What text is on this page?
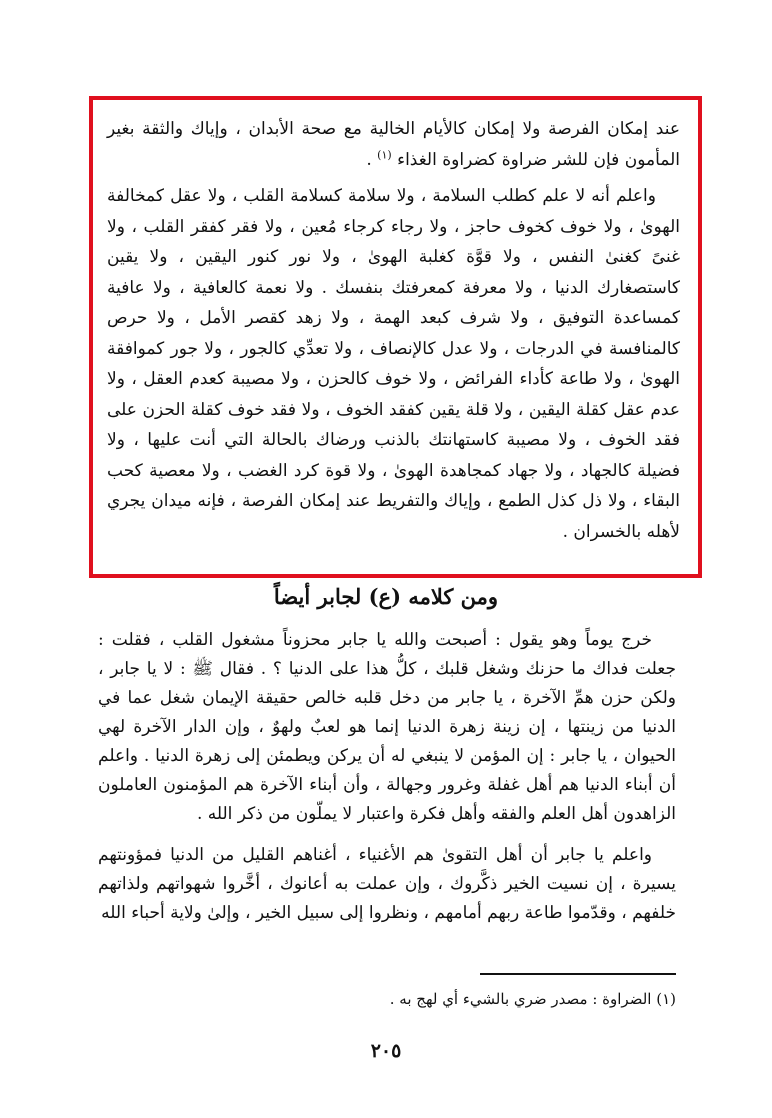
عند إمكان الفرصة ولا إمكان كالأيام الخالية مع صحة الأبدان ، وإياك والثقة بغير المأمون فإن للشر ضراوة كضراوة الغذاء $^{(١)}$ .

واعلم أنه لا علم كطلب السلامة ، ولا سلامة كسلامة القلب ، ولا عقل كمخالفة الهوىٰ ، ولا خوف كخوف حاجز ، ولا رجاء كرجاء مُعين ، ولا فقر كفقر القلب ، ولا غنىً كغنىٰ النفس ، ولا قوَّة كغلبة الهوىٰ ، ولا نور كنور اليقين ، ولا يقين كاستصغارك الدنيا ، ولا معرفة كمعرفتك بنفسك . ولا نعمة كالعافية ، ولا عافية كمساعدة التوفيق ، ولا شرف كبعد الهمة ، ولا زهد كقصر الأمل ، ولا حرص كالمنافسة في الدرجات ، ولا عدل كالإنصاف ، ولا تعدِّي كالجور ، ولا جور كموافقة الهوىٰ ، ولا طاعة كأداء الفرائض ، ولا خوف كالحزن ، ولا مصيبة كعدم العقل ، ولا عدم عقل كقلة اليقين ، ولا قلة يقين كفقد الخوف ، ولا فقد خوف كقلة الحزن على فقد الخوف ، ولا مصيبة كاستهانتك بالذنب ورضاك بالحالة التي أنت عليها ، ولا فضيلة كالجهاد ، ولا جهاد كمجاهدة الهوىٰ ، ولا قوة كرد الغضب ، ولا معصية كحب البقاء ، ولا ذل كذل الطمع ، وإياك والتفريط عند إمكان الفرصة ، فإنه ميدان يجري لأهله بالخسران .

ومن كلامه (ع) لجابر أيضاً

خرج يوماً وهو يقول : أصبحت والله يا جابر محزوناً مشغول القلب ، فقلت : جعلت فداك ما حزنك وشغل قلبك ، كلُّ هذا على الدنيا ؟ . فقال ﷺ : لا يا جابر ، ولكن حزن همِّ الآخرة ، يا جابر من دخل قلبه خالص حقيقة الإيمان شغل عما في الدنيا من زينتها ، إن زينة زهرة الدنيا إنما هو لعبٌ ولهوٌ ، وإن الدار الآخرة لهي الحيوان ، يا جابر : إن المؤمن لا ينبغي له أن يركن ويطمئن إلى زهرة الدنيا . واعلم أن أبناء الدنيا هم أهل غفلة وغرور وجهالة ، وأن أبناء الآخرة هم المؤمنون العاملون الزاهدون أهل العلم والفقه وأهل فكرة واعتبار لا يملّون من ذكر الله .

واعلم يا جابر أن أهل التقوىٰ هم الأغنياء ، أغناهم القليل من الدنيا فمؤونتهم يسيرة ، إن نسيت الخير ذكَّروك ، وإن عملت به أعانوك ، أخَّروا شهواتهم ولذاتهم خلفهم ، وقدّموا طاعة ربهم أمامهم ، ونظروا إلى سبيل الخير ، وإلىٰ ولاية أحباء الله

(١) الضراوة : مصدر ضري بالشيء أي لهج به .
٢٠٥
